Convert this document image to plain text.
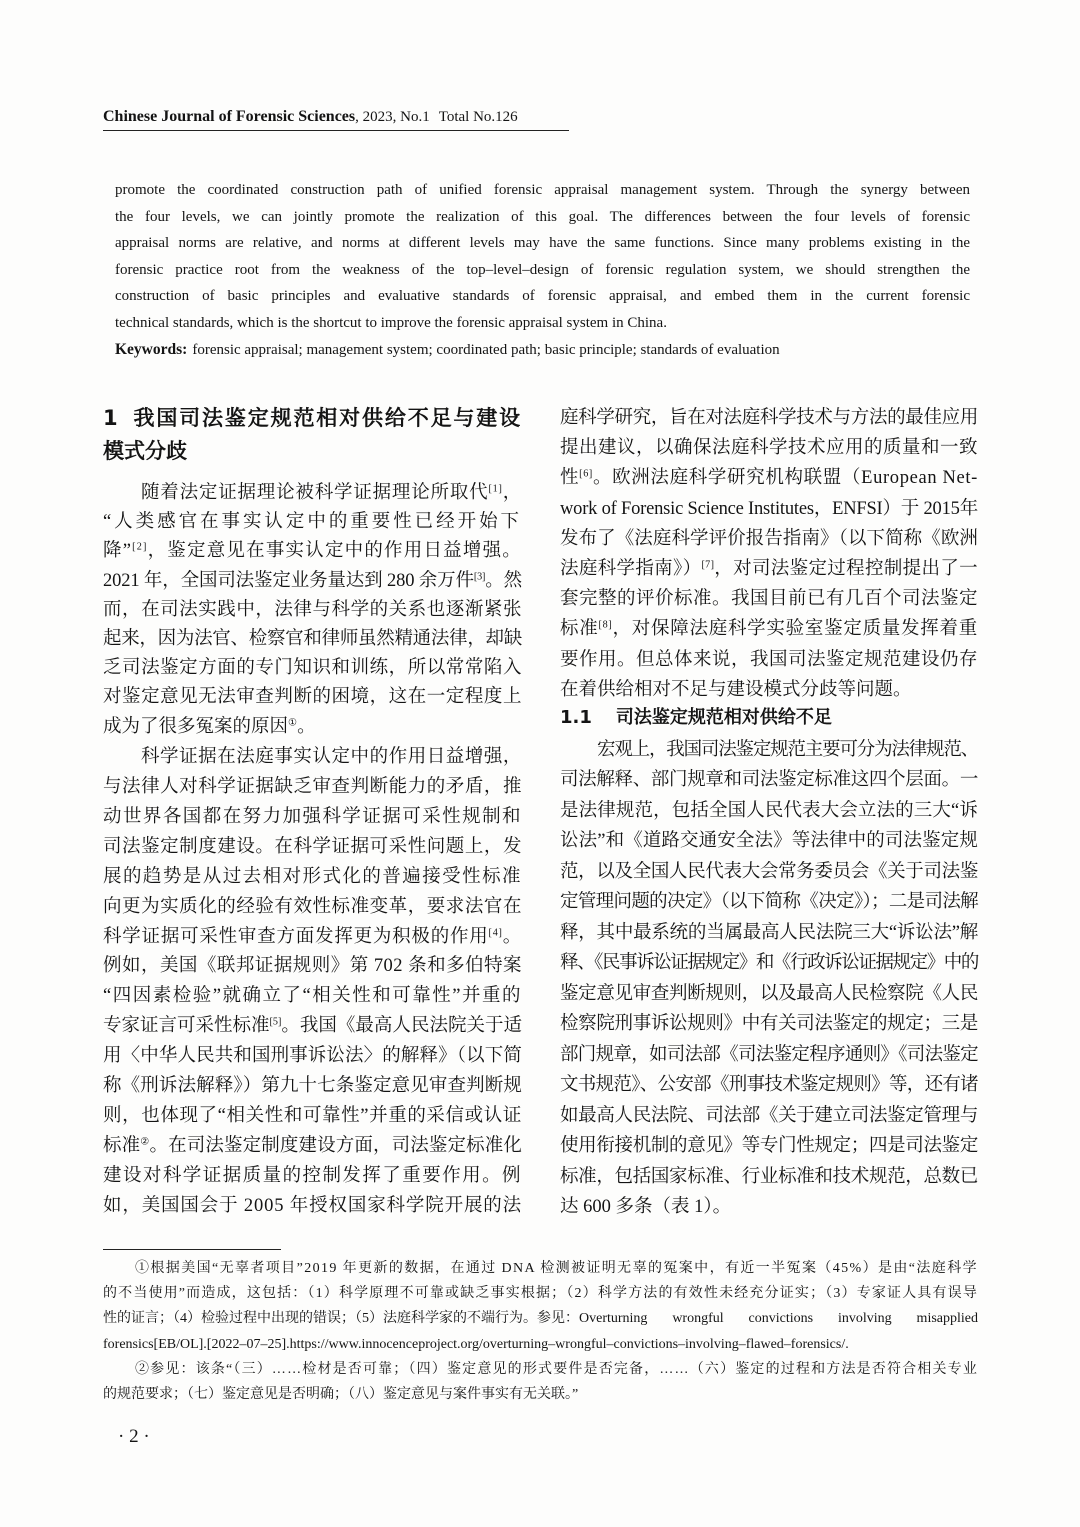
Chinese Journal of Forensic Sciences, 2023, No.1 Total No.126
promote the coordinated construction path of unified forensic appraisal management system. Through the synergy between
the four levels, we can jointly promote the realization of this goal. The differences between the four levels of forensic
appraisal norms are relative, and norms at different levels may have the same functions. Since many problems existing in the
forensic practice root from the weakness of the top–level–design of forensic regulation system, we should strengthen the
construction of basic principles and evaluative standards of forensic appraisal, and embed them in the current forensic
technical standards, which is the shortcut to improve the forensic appraisal system in China.
Keywords: forensic appraisal; management system; coordinated path; basic principle; standards of evaluation
1 我国司法鉴定规范相对供给不足与建设
模式分歧
随着法定证据理论被科学证据理论所取代[1]，
“人类感官在事实认定中的重要性已经开始下
降”[2]，鉴定意见在事实认定中的作用日益增强。
2021 年，全国司法鉴定业务量达到 280 余万件[3]。然
而，在司法实践中，法律与科学的关系也逐渐紧张
起来，因为法官、检察官和律师虽然精通法律，却缺
乏司法鉴定方面的专门知识和训练，所以常常陷入
对鉴定意见无法审查判断的困境，这在一定程度上
成为了很多冤案的原因①。
科学证据在法庭事实认定中的作用日益增强，
与法律人对科学证据缺乏审查判断能力的矛盾，推
动世界各国都在努力加强科学证据可采性规制和
司法鉴定制度建设。在科学证据可采性问题上，发
展的趋势是从过去相对形式化的普遍接受性标准
向更为实质化的经验有效性标准变革，要求法官在
科学证据可采性审查方面发挥更为积极的作用[4]。
例如，美国《联邦证据规则》第 702 条和多伯特案
“四因素检验”就确立了“相关性和可靠性”并重的
专家证言可采性标准[5]。我国《最高人民法院关于适
用〈中华人民共和国刑事诉讼法〉的解释》（以下简
称《刑诉法解释》）第九十七条鉴定意见审查判断规
则，也体现了“相关性和可靠性”并重的采信或认证
标准②。在司法鉴定制度建设方面，司法鉴定标准化
建设对科学证据质量的控制发挥了重要作用。例
如，美国国会于 2005 年授权国家科学院开展的法
庭科学研究，旨在对法庭科学技术与方法的最佳应用
提出建议，以确保法庭科学技术应用的质量和一致
性[6]。欧洲法庭科学研究机构联盟（European Net-
work of Forensic Science Institutes，ENFSI）于 2015年
发布了《法庭科学评价报告指南》（以下简称《欧洲
法庭科学指南》）[7]，对司法鉴定过程控制提出了一
套完整的评价标准。我国目前已有几百个司法鉴定
标准[8]，对保障法庭科学实验室鉴定质量发挥着重
要作用。但总体来说，我国司法鉴定规范建设仍存
在着供给相对不足与建设模式分歧等问题。
1.1 司法鉴定规范相对供给不足
宏观上，我国司法鉴定规范主要可分为法律规范、
司法解释、部门规章和司法鉴定标准这四个层面。一
是法律规范，包括全国人民代表大会立法的三大“诉
讼法”和《道路交通安全法》等法律中的司法鉴定规
范，以及全国人民代表大会常务委员会《关于司法鉴
定管理问题的决定》（以下简称《决定》）；二是司法解
释，其中最系统的当属最高人民法院三大“诉讼法”解
释、《民事诉讼证据规定》和《行政诉讼证据规定》中的
鉴定意见审查判断规则，以及最高人民检察院《人民
检察院刑事诉讼规则》中有关司法鉴定的规定；三是
部门规章，如司法部《司法鉴定程序通则》《司法鉴定
文书规范》、公安部《刑事技术鉴定规则》等，还有诸
如最高人民法院、司法部《关于建立司法鉴定管理与
使用衔接机制的意见》等专门性规定；四是司法鉴定
标准，包括国家标准、行业标准和技术规范，总数已
达 600 多条（表 1）。
①根据美国“无辜者项目”2019 年更新的数据，在通过 DNA 检测被证明无辜的冤案中，有近一半冤案（45%）是由“法庭科学
的不当使用”而造成，这包括：（1）科学原理不可靠或缺乏事实根据；（2）科学方法的有效性未经充分证实；（3）专家证人具有误导
性的证言；（4）检验过程中出现的错误；（5）法庭科学家的不端行为。参见：Overturning wrongful convictions involving misapplied
forensics[EB/OL].[2022–07–25].https://www.innocenceproject.org/overturning–wrongful–convictions–involving–flawed–forensics/.
②参见：该条“（三）……检材是否可靠；（四）鉴定意见的形式要件是否完备，……（六）鉴定的过程和方法是否符合相关专业
的规范要求；（七）鉴定意见是否明确；（八）鉴定意见与案件事实有无关联。”
· 2 ·
